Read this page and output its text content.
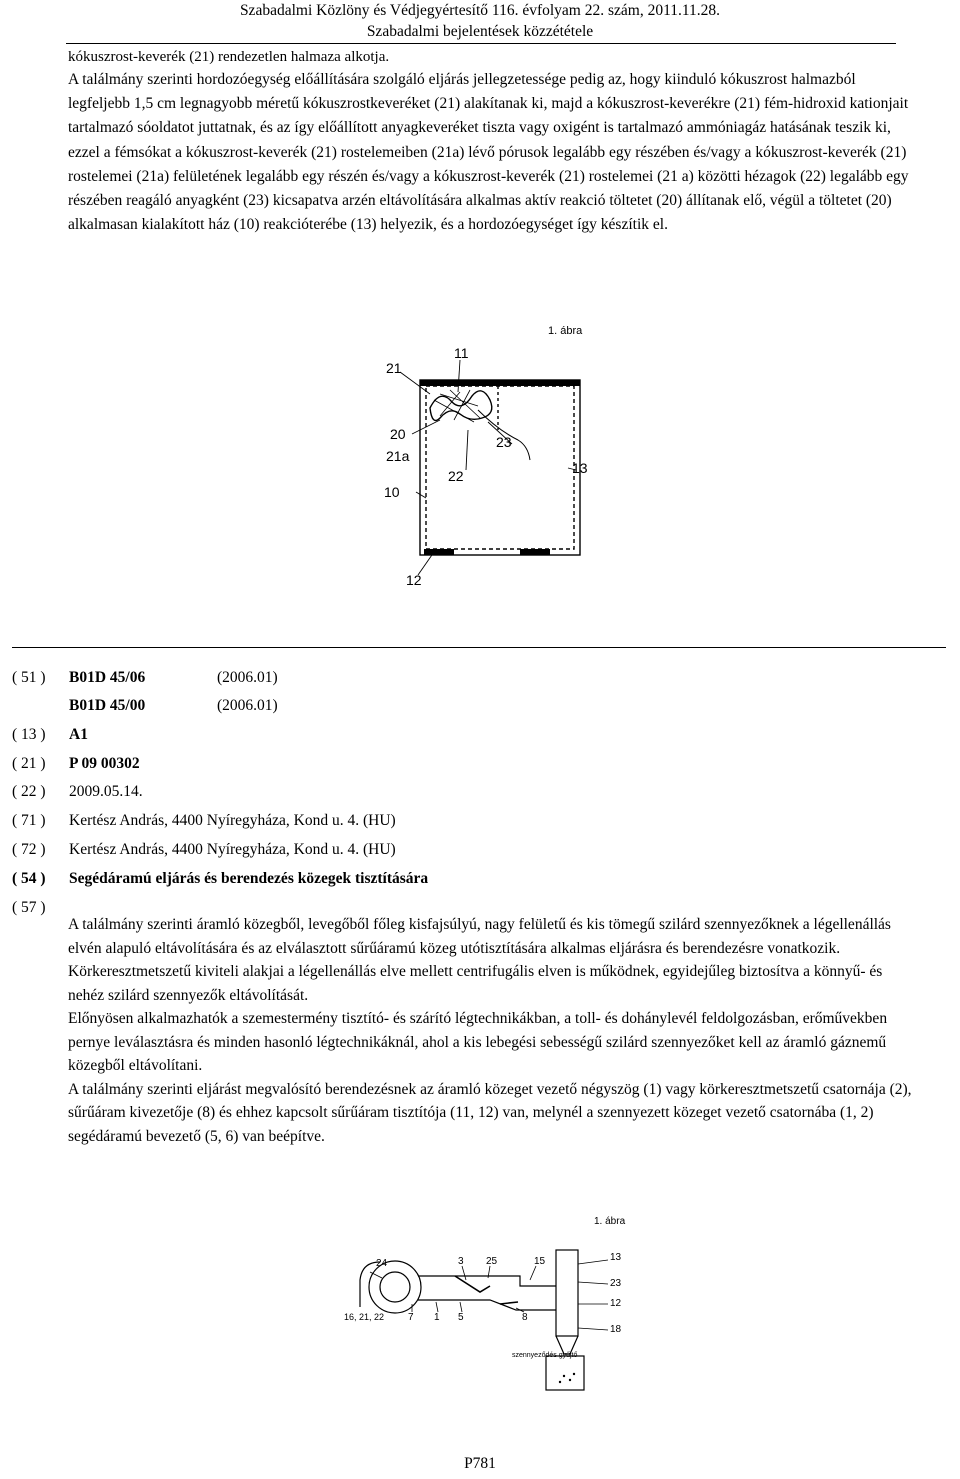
Szabadalmi Közlöny és Védjegyértesítő 116. évfolyam 22. szám, 2011.11.28.
Szabadalmi bejelentések közzététele
kókuszrost-keverék (21) rendezetlen halmaza alkotja.
A találmány szerinti hordozóegység előállítására szolgáló eljárás jellegzetessége pedig az, hogy kiinduló kókuszrost halmazból legfeljebb 1,5 cm legnagyobb méretű kókuszrostkeveréket (21) alakítanak ki, majd a kókuszrost-keverékre (21) fém-hidroxid kationjait tartalmazó sóoldatot juttatnak, és az így előállított anyagkeveréket tiszta vagy oxigént is tartalmazó ammóniagáz hatásának teszik ki, ezzel a fémsókat a kókuszrost-keverék (21) rostelemeiben (21a) lévő pórusok legalább egy részében és/vagy a kókuszrost-keverék (21) rostelemei (21a) felületének legalább egy részén és/vagy a kókuszrost-keverék (21) rostelemei (21 a) közötti hézagok (22) legalább egy részében reagáló anyagként (23) kicsapatva arzén eltávolítására alkalmas aktív reakció töltetet (20) állítanak elő, végül a töltetet (20) alkalmasan kialakított ház (10) reakcióterébe (13) helyezik, és a hordozóegységet így készítik el.
1. ábra
21
11
20
21a
23
22	13
10
12
( 51 )	B01D 45/06	(2006.01)
B01D 45/00	(2006.01)
( 13 )	A1
( 21 )	P 09 00302
( 22 )	2009.05.14.
( 71 )	Kertész András, 4400 Nyíregyháza, Kond u. 4. (HU)
( 72 )	Kertész András, 4400 Nyíregyháza, Kond u. 4. (HU)
( 54 )	Segédáramú eljárás és berendezés közegek tisztítására
( 57 )

A találmány szerinti áramló közegből, levegőből főleg kisfajsúlyú, nagy felületű és kis tömegű szilárd szennyezőknek a légellenállás elvén alapuló eltávolítására és az elválasztott sűrűáramú közeg utótisztítására alkalmas eljárásra és berendezésre vonatkozik.

Körkeresztmetszetű kiviteli alakjai a légellenállás elve mellett centrifugális elven is működnek, egyidejűleg biztosítva a könnyű- és nehéz szilárd szennyezők eltávolítását.

Előnyösen alkalmazhatók a szemestermény tisztító- és szárító légtechnikákban, a toll- és dohánylevél feldolgozásban, erőművekben pernye leválasztásra és minden hasonló légtechnikáknál, ahol a kis lebegési sebességű szilárd szennyezőket kell az áramló gáznemű közegből eltávolítani.

A találmány szerinti eljárást megvalósító berendezésnek az áramló közeget vezető négyszög (1) vagy körkeresztmetszetű csatornája (2), sűrűáram kivezetője (8) és ehhez kapcsolt sűrűáram tisztítója (11, 12) van, melynél a szennyezett közeget vezető csatornába (1, 2) segédáramú bevezető (5, 6) van beépítve.

1. ábra
24	3 25	15	13
23
12
18
16, 21, 22 7 1 5	8
szennyeződés gyűjtő
P781
